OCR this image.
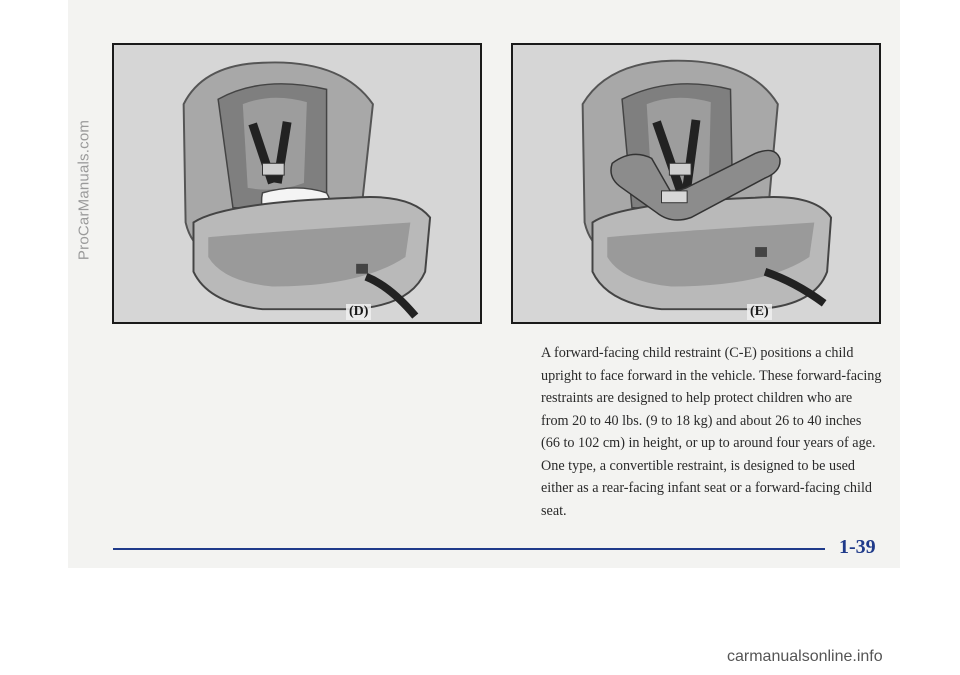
ProCarManuals.com
(D)	(E)

A forward-facing child restraint (C-E) positions a child upright to face forward in the vehicle. These forward-facing restraints are designed to help protect children who are from 20 to 40 lbs. (9 to 18 kg) and about 26 to 40 inches (66 to 102 cm) in height, or up to around four years of age. One type, a convertible restraint, is designed to be used either as a rear-facing infant seat or a forward-facing child seat.

1-39
carmanualsonline.info
